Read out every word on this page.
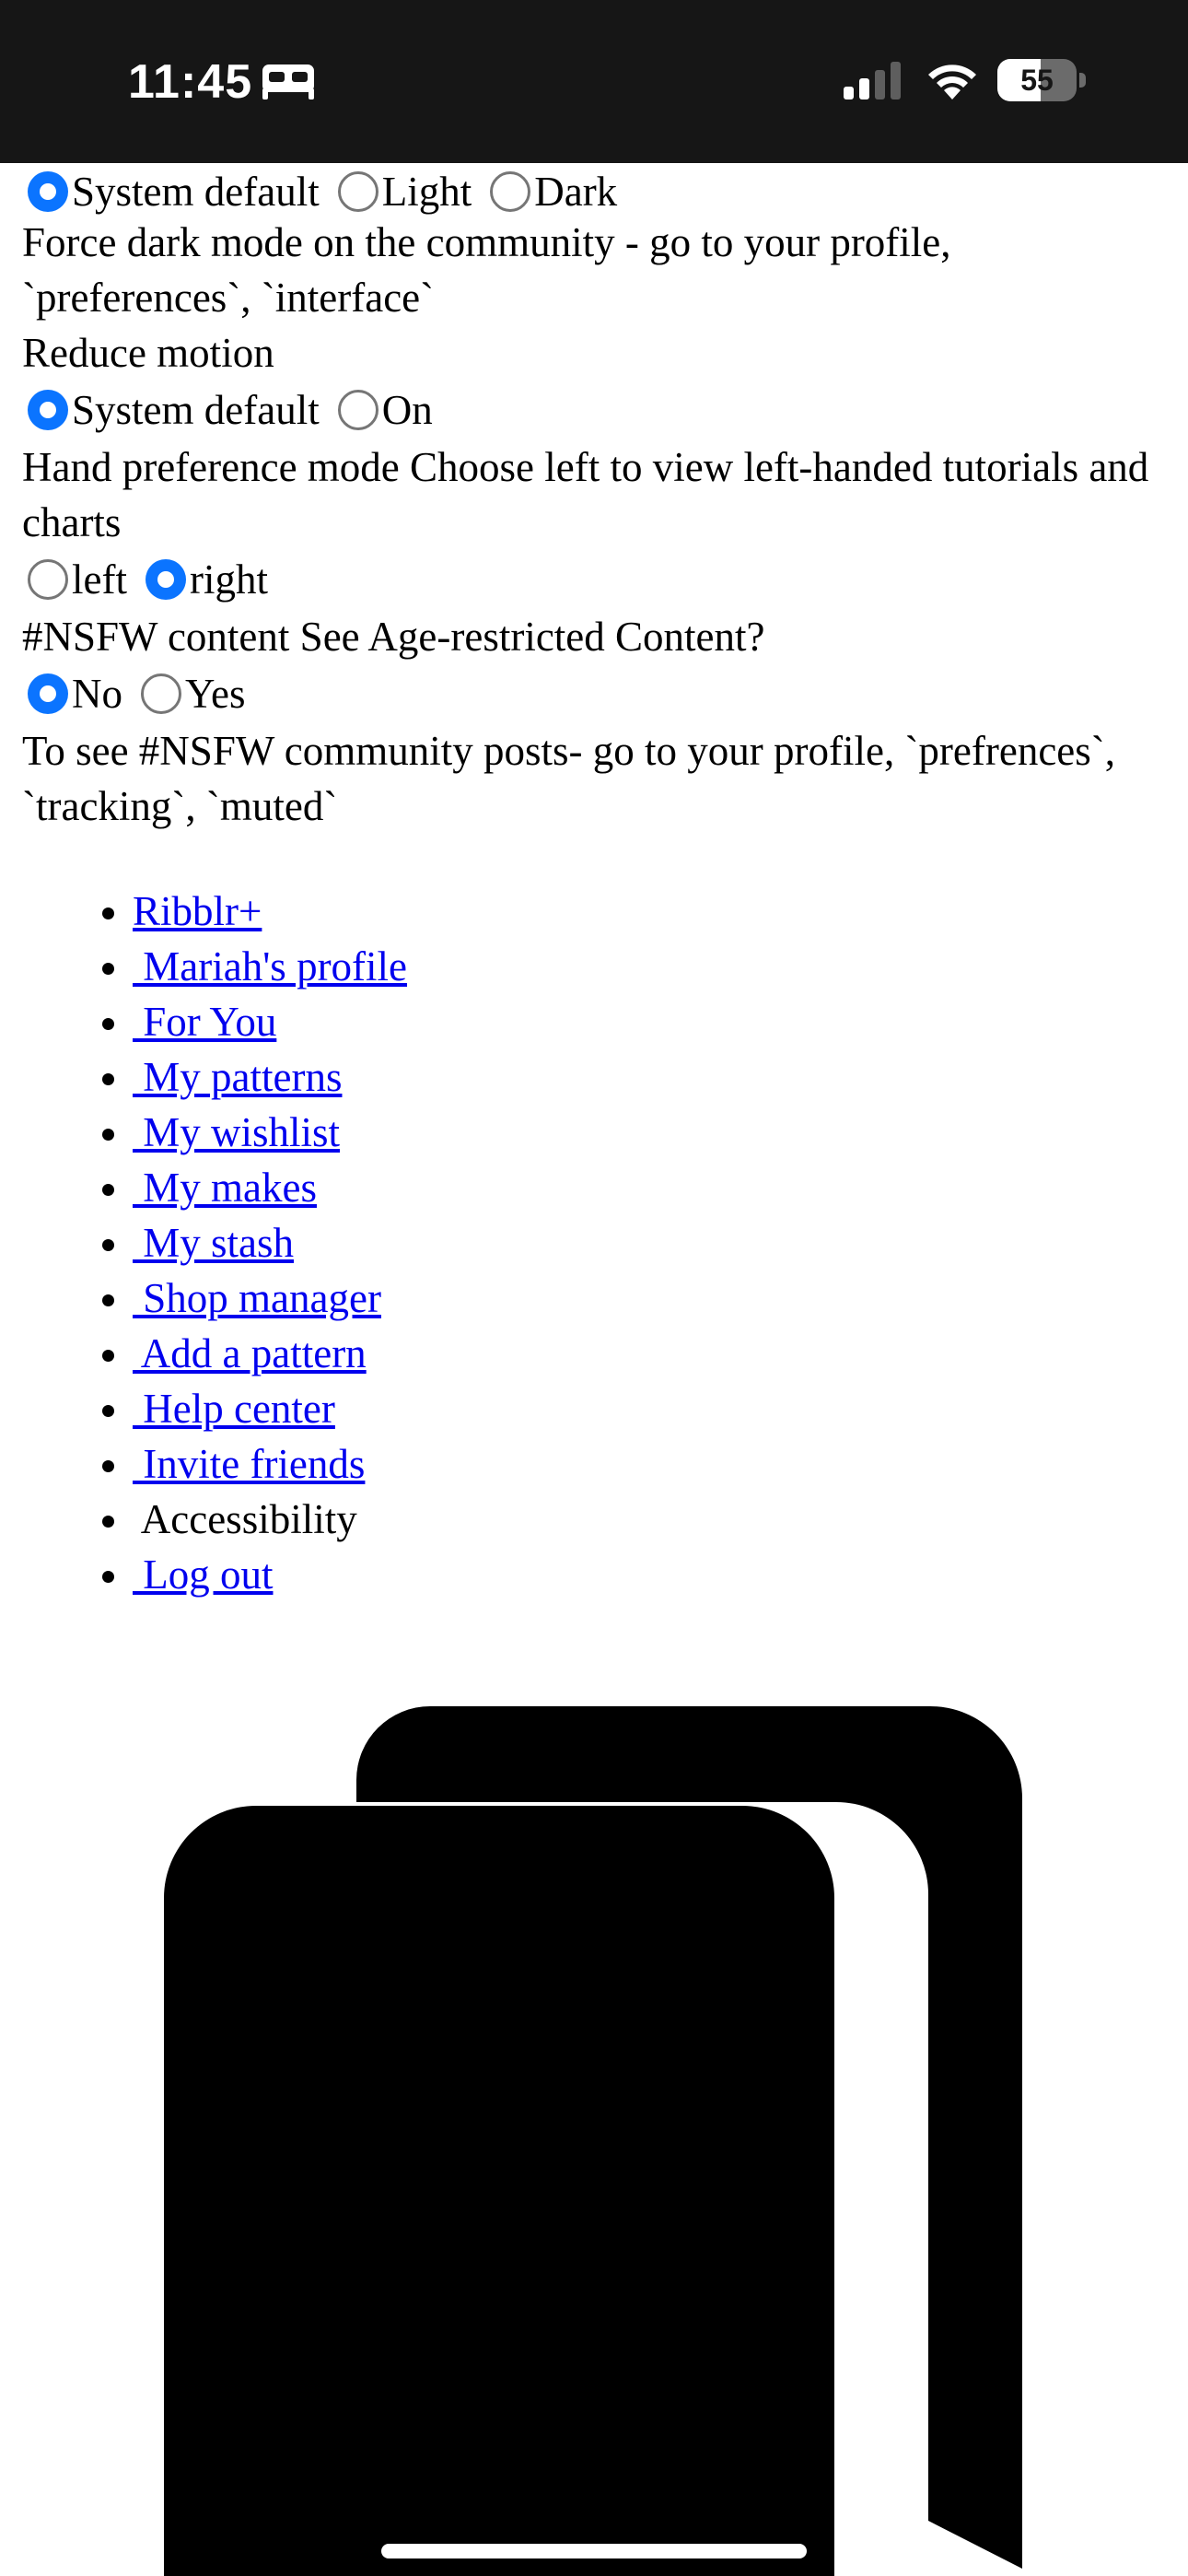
11:45	55
System default Light Dark

Force dark mode on the community - go to your profile, `preferences`, `interface`

Reduce motion

System default On

Hand preference mode Choose left to view left-handed tutorials and charts

left right

#NSFW content See Age-restricted Content?

No Yes

To see #NSFW community posts- go to your profile, `prefrences`, `tracking`, `muted`

• Ribblr+
•  Mariah's profile
•  For You
•  My patterns
•  My wishlist
•  My makes
•  My stash
•  Shop manager
•  Add a pattern
•  Help center
•  Invite friends
•  Accessibility
•  Log out
